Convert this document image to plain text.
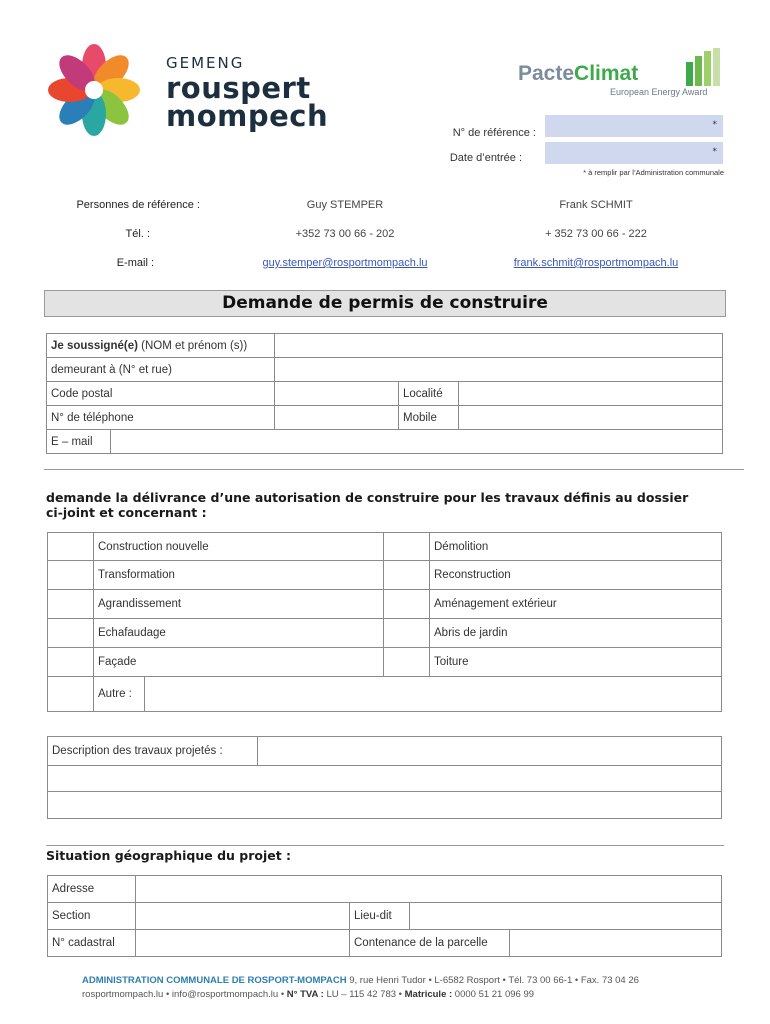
GEMENG
rouspert
mompech
PacteClimat
European Energy Award
N° de référence :
*
Date d’entrée :	*
* à remplir par l’Administration communale
Personnes de référence :	Guy STEMPER	Frank SCHMIT
Tél. :	+352 73 00 66 - 202	+ 352 73 00 66 - 222
E-mail :	guy.stemper@rosportmompach.lu	frank.schmit@rosportmompach.lu
Demande de permis de construire
Je soussigné(e) (NOM et prénom (s))				
demeurant à (N° et rue)				
Code postal			Localité	
N° de téléphone			Mobile	
E – mail				
demande la délivrance d’une autorisation de construire pour les travaux définis au dossier ci-joint et concernant :
	Construction nouvelle		Démolition
	Transformation		Reconstruction
	Agrandissement		Aménagement extérieur
	Echafaudage		Abris de jardin
	Façade		Toiture

Autre :		
Description des travaux projetés :	

Situation géographique du projet :
Adresse				
Section		Lieu-dit		
N° cadastral		Contenance de la parcelle		
ADMINISTRATION COMMUNALE DE ROSPORT-MOMPACH 9, rue Henri Tudor • L-6582 Rosport • Tél. 73 00 66-1 • Fax. 73 04 26
rosportmompach.lu • info@rosportmompach.lu • N° TVA : LU – 115 42 783 • Matricule : 0000 51 21 096 99
